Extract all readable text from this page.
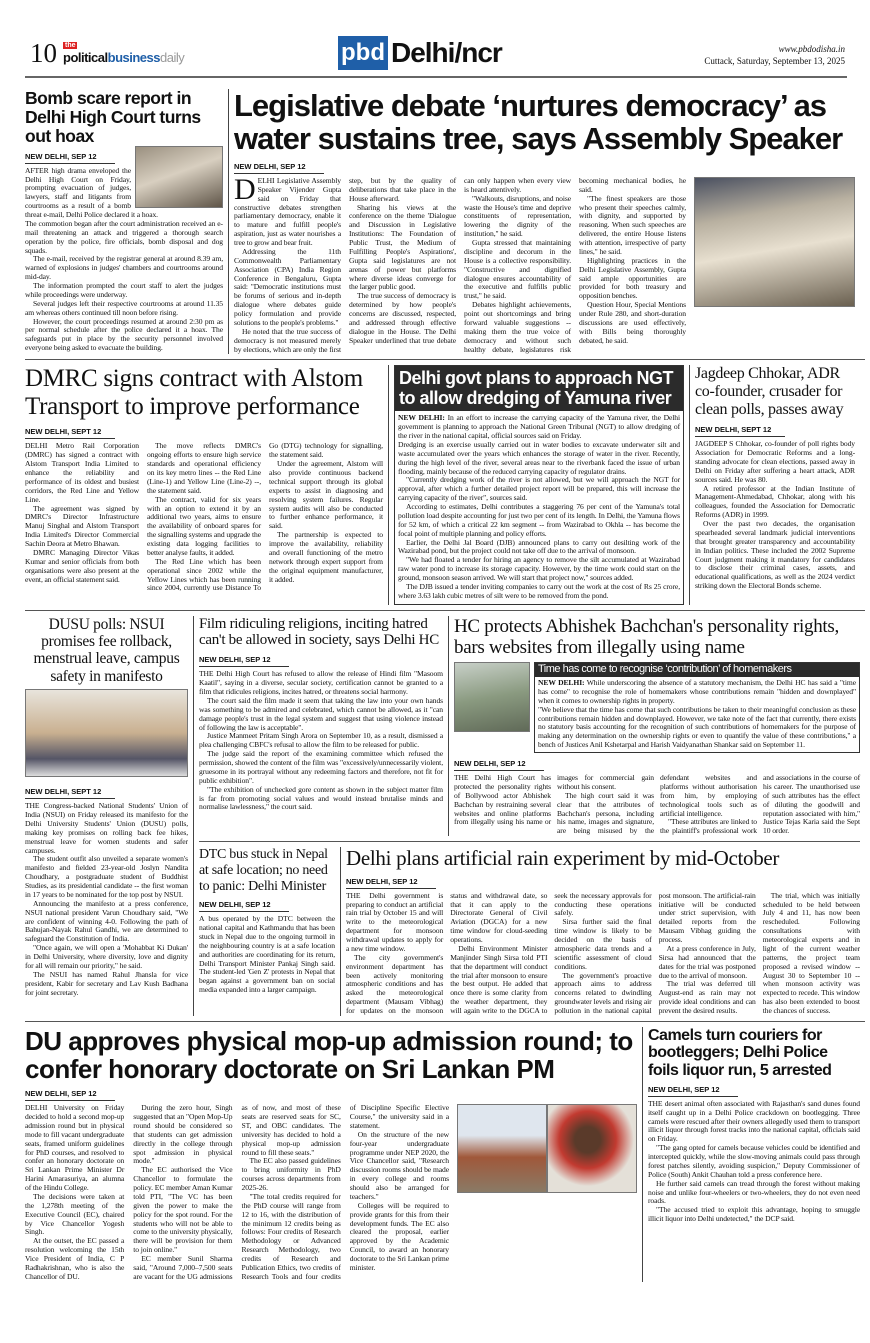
10 the
politicalbusinessdaily	pbd Delhi/ncr	www.pbdodisha.in
Cuttack, Saturday, September 13, 2025
Bomb scare report in Delhi High Court turns out hoax
NEW DELHI, SEP 12

AFTER high drama enveloped the Delhi High Court on Friday, prompting evacuation of judges, lawyers, staff and litigants from courtrooms as a result of a bomb threat e-mail, Delhi Police declared it a hoax.

The commotion began after the court administration received an e-mail threatening an attack and triggered a thorough search operation by the police, fire officials, bomb disposal and dog squads.

The e-mail, received by the registrar general at around 8.39 am, warned of explosions in judges' chambers and courtrooms around mid-day.

The information prompted the court staff to alert the judges while proceedings were underway.

Several judges left their respective courtrooms at around 11.35 am whereas others continued till noon before rising.

However, the court proceedings resumed at around 2:30 pm as per normal schedule after the police declared it a hoax. The safeguards put in place by the security personnel involved everyone being asked to evacuate the building.

Legislative debate ‘nurtures democracy’ as water sustains tree, says Assembly Speaker
NEW DELHI, SEP 12
D ELHI Legislative Assembly Speaker Vijender Gupta said on Friday that constructive debates strengthen parliamentary democracy, enable it to mature and fulfill people's aspiration, just as water nourishes a tree to grow and bear fruit.

Addressing the 11th Commonwealth Parliamentary Association (CPA) India Region Conference in Bengaluru, Gupta said: "Democratic institutions must be forums of serious and in-depth dialogue where debates guide policy formulation and provide solutions to the people's problems."

He noted that the true success of democracy is not measured merely by elections, which are only the first step, but by the quality of deliberations that take place in the House afterward.

Sharing his views at the conference on the theme 'Dialogue and Discussion in Legislative Institutions: The Foundation of Public Trust, the Medium of Fulfilling People's Aspirations', Gupta said legislatures are not arenas of power but platforms where diverse ideas converge for the larger public good.

The true success of democracy is determined by how people's concerns are discussed, respected, and addressed through effective dialogue in the House. The Delhi Speaker underlined that true debate can only happen when every view is heard attentively.

"Walkouts, disruptions, and noise waste the House's time and deprive constituents of representation, lowering the dignity of the institution," he said.

Gupta stressed that maintaining discipline and decorum in the House is a collective responsibility. "Constructive and dignified dialogue ensures accountability of the executive and fulfills public trust," he said.

Debates highlight achievements, point out shortcomings and bring forward valuable suggestions -- making them the true voice of democracy and without such healthy debate, legislatures risk becoming mechanical bodies, he said.

"The finest speakers are those who present their speeches calmly, with dignity, and supported by reasoning. When such speeches are delivered, the entire House listens with attention, irrespective of party lines," he said.

Highlighting practices in the Delhi Legislative Assembly, Gupta said ample opportunities are provided for both treasury and opposition benches.

Question Hour, Special Mentions under Rule 280, and short-duration discussions are used effectively, with Bills being thoroughly debated, he said.

DMRC signs contract with Alstom Transport to improve performance
NEW DELHI, SEPT 12

DELHI Metro Rail Corporation (DMRC) has signed a contract with Alstom Transport India Limited to enhance the reliability and performance of its oldest and busiest corridors, the Red Line and Yellow Line.

The agreement was signed by DMRC's Director Infrastructure Manuj Singhal and Alstom Transport India Limited's Director Commercial Sachin Deora at Metro Bhawan.

DMRC Managing Director Vikas Kumar and senior officials from both organisations were also present at the event, an official statement said.

The move reflects DMRC's ongoing efforts to ensure high service standards and operational efficiency on its key metro lines -- the Red Line (Line-1) and Yellow Line (Line-2) --, the statement said.

The contract, valid for six years with an option to extend it by an additional two years, aims to ensure the availability of onboard spares for the signalling systems and upgrade the existing data logging facilities to better analyse faults, it added.

The Red Line which has been operational since 2002 while the Yellow Lines which has been running since 2004, currently use Distance To Go (DTG) technology for signalling, the statement said.

Under the agreement, Alstom will also provide continuous backend technical support through its global experts to assist in diagnosing and resolving system failures. Regular system audits will also be conducted to further enhance performance, it said.

The partnership is expected to improve the availability, reliability and overall functioning of the metro network through expert support from the original equipment manufacturer, it added.

Delhi govt plans to approach NGT to allow dredging of Yamuna river

NEW DELHI: In an effort to increase the carrying capacity of the Yamuna river, the Delhi government is planning to approach the National Green Tribunal (NGT) to allow dredging of the river in the national capital, official sources said on Friday.

Dredging is an exercise usually carried out in water bodies to excavate underwater silt and waste accumulated over the years which enhances the storage of water in the river. Recently, during the high level of the river, several areas near to the riverbank faced the issue of urban flooding, mainly because of the reduced carrying capacity of regulator drains.

"Currently dredging work of the river is not allowed, but we will approach the NGT for approval, after which a further detailed project report will be prepared, this will increase the carrying capacity of the river", sources said.

According to estimates, Delhi contributes a staggering 76 per cent of the Yamuna's total pollution load despite accounting for just two per cent of its length. In Delhi, the Yamuna flows for 52 km, of which a critical 22 km segment -- from Wazirabad to Okhla -- has become the focal point of multiple planning and policy efforts.

Earlier, the Delhi Jal Board (DJB) announced plans to carry out desilting work of the Wazirabad pond, but the project could not take off due to the arrival of monsoon.

"We had floated a tender for hiring an agency to remove the silt accumulated at Wazirabad raw water pond to increase its storage capacity. However, by the time work could start on the ground, monsoon season arrived. We will start that project now," sources added.

The DJB issued a tender inviting companies to carry out the work at the cost of Rs 25 crore, where 3.63 lakh cubic metres of silt were to be removed from the pond.

Jagdeep Chhokar, ADR co-founder, crusader for clean polls, passes away
NEW DELHI, SEPT 12

JAGDEEP S Chhokar, co-founder of poll rights body Association for Democratic Reforms and a long-standing advocate for clean elections, passed away in Delhi on Friday after suffering a heart attack, ADR sources said. He was 80.

A retired professor at the Indian Institute of Management-Ahmedabad, Chhokar, along with his colleagues, founded the Association for Democratic Reforms (ADR) in 1999.

Over the past two decades, the organisation spearheaded several landmark judicial interventions that brought greater transparency and accountability in Indian politics. These included the 2002 Supreme Court judgment making it mandatory for candidates to disclose their criminal cases, assets, and educational qualifications, as well as the 2024 verdict striking down the Electoral Bonds scheme.

DUSU polls: NSUI promises fee rollback, menstrual leave, campus safety in manifesto
NEW DELHI, SEPT 12

THE Congress-backed National Students' Union of India (NSUI) on Friday released its manifesto for the Delhi University Students' Union (DUSU) polls, making key promises on rolling back fee hikes, menstrual leave for women students and safer campuses.

The student outfit also unveiled a separate women's manifesto and fielded 23-year-old Joslyn Nandita Choudhary, a postgraduate student of Buddhist Studies, as its presidential candidate -- the first woman in 17 years to be nominated for the top post by NSUI.

Announcing the manifesto at a press conference, NSUI national president Varun Choudhary said, "We are confident of winning 4-0. Following the path of Bahujan-Nayak Rahul Gandhi, we are determined to safeguard the Constitution of India.

"Once again, we will open a 'Mohabbat Ki Dukan' in Delhi University, where diversity, love and dignity for all will remain our priority," he said.

The NSUI has named Rahul Jhansla for vice president, Kabir for secretary and Lav Kush Badhana for joint secretary.

Film ridiculing religions, inciting hatred can't be allowed in society, says Delhi HC
NEW DELHI, SEP 12

THE Delhi High Court has refused to allow the release of Hindi film "Masoom Kaatil", saying in a diverse, secular society, certification cannot be granted to a film that ridicules religions, incites hatred, or threatens social harmony.

The court said the film made it seem that taking the law into your own hands was something to be admired and celebrated, which cannot be allowed, as it "can damage people's trust in the legal system and suggest that using violence instead of following the law is acceptable".

Justice Manmeet Pritam Singh Arora on September 10, as a result, dismissed a plea challenging CBFC's refusal to allow the film to be released for public.

The judge said the report of the examining committee which refused the permission, showed the content of the film was "excessively/unnecessarily violent, gruesome in its portrayal without any redeeming factors and therefore, not fit for public exhibition".

"The exhibition of unchecked gore content as shown in the subject matter film is far from promoting social values and would instead brutalise minds and normalise lawlessness," the court said.

HC protects Abhishek Bachchan's personality rights, bars websites from illegally using name
Time has come to recognise ‘contribution’ of homemakers

NEW DELHI: While underscoring the absence of a statutory mechanism, the Delhi HC has said a "time has come" to recognise the role of homemakers whose contributions remain "hidden and downplayed" when it comes to ownership rights in property.

"We believe that the time has come that such contributions be taken to their meaningful conclusion as these contributions remain hidden and downplayed. However, we take note of the fact that currently, there exists no statutory basis accounting for the recognition of such contributions of homemakers for the purpose of making any determination on the ownership rights or even to quantify the value of these contributions," a bench of Justices Anil Kshetarpal and Harish Vaidyanathan Shankar said on September 11.

NEW DELHI, SEP 12

THE Delhi High Court has protected the personality rights of Bollywood actor Abhishek Bachchan by restraining several websites and online platforms from illegally using his name or images for commercial gain without his consent.

The high court said it was clear that the attributes of Bachchan's persona, including his name, images and signature, are being misused by the defendant websites and platforms without authorisation from him, by employing technological tools such as artificial intelligence.

"These attributes are linked to the plaintiff's professional work and associations in the course of his career. The unauthorised use of such attributes has the effect of diluting the goodwill and reputation associated with him," Justice Tejas Karia said the Sept 10 order.

DTC bus stuck in Nepal at safe location; no need to panic: Delhi Minister
NEW DELHI, SEP 12

A bus operated by the DTC between the national capital and Kathmandu that has been stuck in Nepal due to the ongoing turmoil in the neighbouring country is at a safe location and authorities are coordinating for its return, Delhi Transport Minister Pankaj Singh said. The student-led 'Gen Z' protests in Nepal that began against a government ban on social media expanded into a larger campaign.

Delhi plans artificial rain experiment by mid-October
NEW DELHI, SEP 12

THE Delhi government is preparing to conduct an artificial rain trial by October 15 and will write to the meteorological department for monsoon withdrawal updates to apply for a new time window.

The city government's environment department has been actively monitoring atmospheric conditions and has asked the meteorological department (Mausam Vibhag) for updates on the monsoon status and withdrawal date, so that it can apply to the Directorate General of Civil Aviation (DGCA) for a new time window for cloud-seeding operations.

Delhi Environment Minister Manjinder Singh Sirsa told PTI that the department will conduct the trial after monsoon to ensure the best output. He added that once there is some clarity from the weather department, they will again write to the DGCA to seek the necessary approvals for conducting these operations safely.

Sirsa further said the final time window is likely to be decided on the basis of atmospheric data trends and a scientific assessment of cloud conditions.

The government's proactive approach aims to address concerns related to dwindling groundwater levels and rising air pollution in the national capital post monsoon. The artificial-rain initiative will be conducted under strict supervision, with detailed reports from the Mausam Vibhag guiding the process.

At a press conference in July, Sirsa had announced that the dates for the trial was postponed due to the arrival of monsoon.

The trial was deferred till August-end as rain may not provide ideal conditions and can prevent the desired results.

The trial, which was initially scheduled to be held between July 4 and 11, has now been rescheduled. Following consultations with meteorological experts and in light of the current weather patterns, the project team proposed a revised window -- August 30 to September 10 -- when monsoon activity was expected to recede. This window has also been extended to boost the chances of success.

DU approves physical mop-up admission round; to confer honorary doctorate on Sri Lankan PM
NEW DELHI, SEP 12

DELHI University on Friday decided to hold a second mop-up admission round but in physical mode to fill vacant undergraduate seats, framed uniform guidelines for PhD courses, and resolved to confer an honorary doctorate on Sri Lankan Prime Minister Dr Harini Amarasuriya, an alumna of the Hindu College.

The decisions were taken at the 1,278th meeting of the Executive Council (EC), chaired by Vice Chancellor Yogesh Singh.

At the outset, the EC passed a resolution welcoming the 15th Vice President of India, C P Radhakrishnan, who is also the Chancellor of DU.

During the zero hour, Singh suggested that an "Open Mop-Up round should be considered so that students can get admission directly in the college through spot admission in physical mode."

The EC authorised the Vice Chancellor to formulate the policy. EC member Aman Kumar told PTI, "The VC has been given the power to make the policy for the spot round. For the students who will not be able to come to the university physically, there will be provision for them to join online."

EC member Sunil Sharma said, "Around 7,000–7,500 seats are vacant for the UG admissions as of now, and most of these seats are reserved seats for SC, ST, and OBC candidates. The university has decided to hold a physical mop-up admission round to fill these seats."

The EC also passed guidelines to bring uniformity in PhD courses across departments from 2025-26.

"The total credits required for the PhD course will range from 12 to 16, with the distribution of the minimum 12 credits being as follows: Four credits of Research Methodology or Advanced Research Methodology, two credits of Research and Publication Ethics, two credits of Research Tools and four credits of Discipline Specific Elective Course," the university said in a statement.

On the structure of the new four-year undergraduate programme under NEP 2020, the Vice Chancellor said, "Research discussion rooms should be made in every college and rooms should also be arranged for teachers."

Colleges will be required to provide grants for this from their development funds. The EC also cleared the proposal, earlier approved by the Academic Council, to award an honorary doctorate to the Sri Lankan prime minister.

Camels turn couriers for bootleggers; Delhi Police foils liquor run, 5 arrested
NEW DELHI, SEP 12

THE desert animal often associated with Rajasthan's sand dunes found itself caught up in a Delhi Police crackdown on bootlegging. Three camels were rescued after their owners allegedly used them to transport illicit liquor through forest tracks into the national capital, officials said on Friday.

"The gang opted for camels because vehicles could be identified and intercepted quickly, while the slow-moving animals could pass through forest patches silently, avoiding suspicion," Deputy Commissioner of Police (South) Ankit Chauhan told a press conference here.

He further said camels can tread through the forest without making noise and unlike four-wheelers or two-wheelers, they do not even need roads.

"The accused tried to exploit this advantage, hoping to smuggle illicit liquor into Delhi undetected," the DCP said.
